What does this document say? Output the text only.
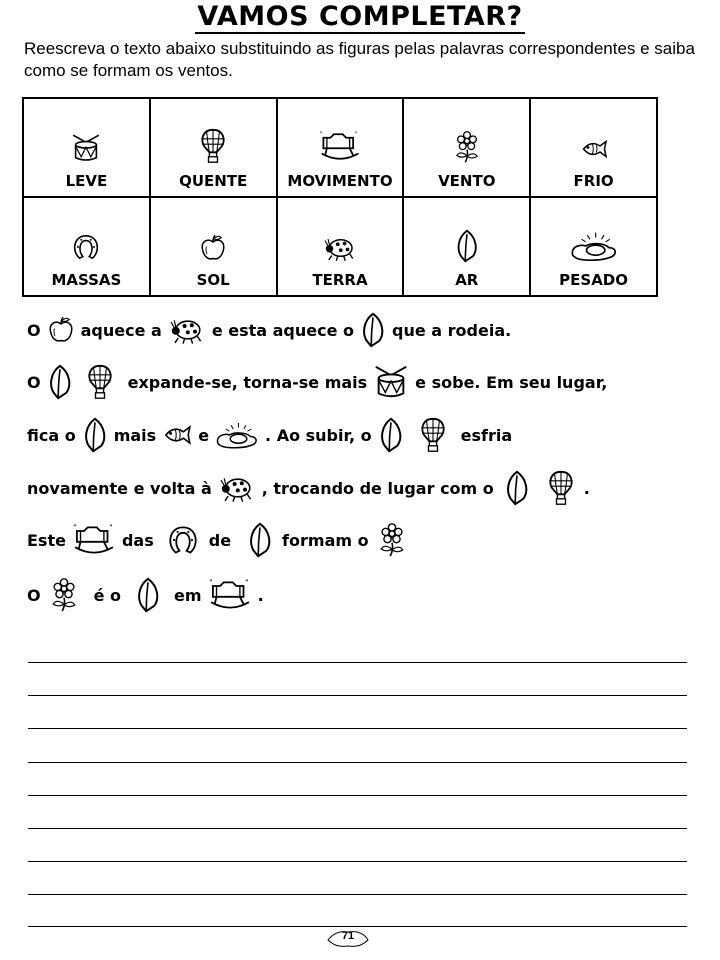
VAMOS COMPLETAR?
Reescreva o texto abaixo substituindo as figuras pelas palavras correspondentes e saiba como se formam os ventos.
LEVE	QUENTE	MOVIMENTO	VENTO	FRIO

MASSAS	SOL	TERRA	AR	PESADO
O	aquece a	e esta aquece o que a rodeia.
O	expande-se, torna-se mais	e sobe. Em seu lugar,
fica o mais	e	. Ao subir, o	esfria
novamente e volta à	, trocando de lugar com o	.
Este	das	de	formam o
O	é o	em	.
71
